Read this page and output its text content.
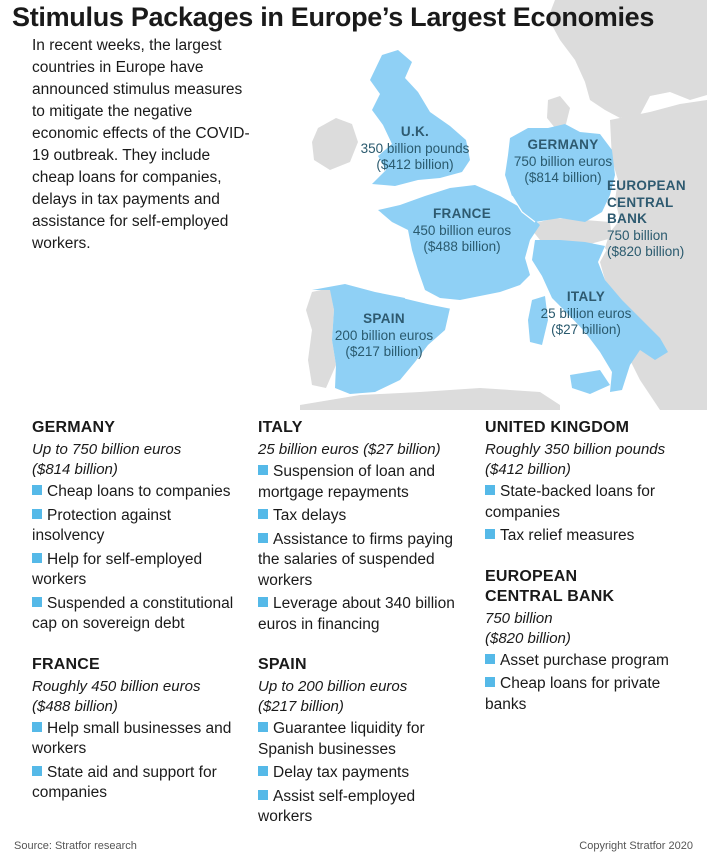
U.K.
350 billion pounds
($412 billion)
GERMANY
750 billion euros
($814 billion)
EUROPEAN
CENTRAL
BANK
750 billion
($820 billion)
FRANCE
450 billion euros
($488 billion)
ITALY
25 billion euros
($27 billion)
SPAIN
200 billion euros
($217 billion)
Stimulus Packages in Europe’s Largest Economies

In recent weeks, the largest countries in Europe have announced stimulus measures to mitigate the negative economic effects of the COVID-19 outbreak. They include cheap loans for companies, delays in tax payments and assistance for self-employed workers.

GERMANY
Up to 750 billion euros
($814 billion)
Cheap loans to companies
Protection against insolvency
Help for self-employed workers
Suspended a constitutional cap on sovereign debt
FRANCE
Roughly 450 billion euros
($488 billion)
Help small businesses and workers
State aid and support for companies
ITALY
25 billion euros ($27 billion)
Suspension of loan and mortgage repayments
Tax delays
Assistance to firms paying the salaries of suspended workers
Leverage about 340 billion euros in financing
SPAIN
Up to 200 billion euros
($217 billion)
Guarantee liquidity for Spanish businesses
Delay tax payments
Assist self-employed workers
UNITED KINGDOM
Roughly 350 billion pounds
($412 billion)
State-backed loans for companies
Tax relief measures
EUROPEAN
CENTRAL BANK
750 billion
($820 billion)
Asset purchase program
Cheap loans for private banks
Source: Stratfor research	Copyright Stratfor 2020
